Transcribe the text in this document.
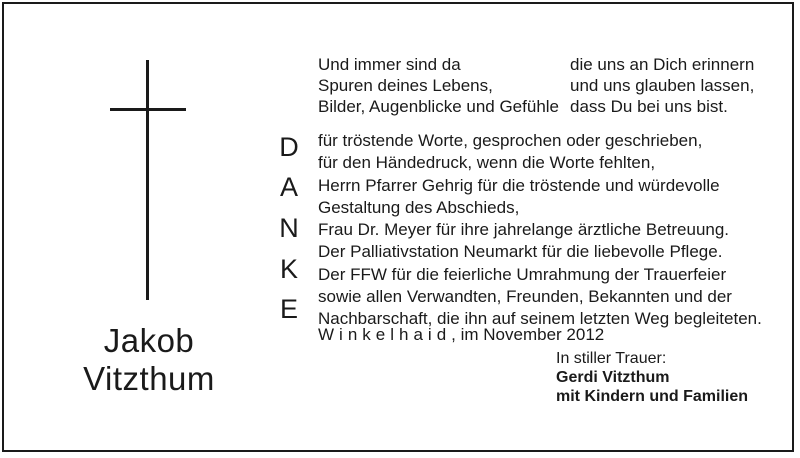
Jakob
Vitzthum
Und immer sind da
Spuren deines Lebens,
Bilder, Augenblicke und Gefühle
die uns an Dich erinnern
und uns glauben lassen,
dass Du bei uns bist.
D
A
N
K
E
für tröstende Worte, gesprochen oder geschrieben,
für den Händedruck, wenn die Worte fehlten,
Herrn Pfarrer Gehrig für die tröstende und würdevolle
Gestaltung des Abschieds,
Frau Dr. Meyer für ihre jahrelange ärztliche Betreuung.
Der Palliativstation Neumarkt für die liebevolle Pflege.
Der FFW für die feierliche Umrahmung der Trauerfeier
sowie allen Verwandten, Freunden, Bekannten und der
Nachbarschaft, die ihn auf seinem letzten Weg begleiteten.
Winkelhaid, im November 2012
In stiller Trauer:
Gerdi Vitzthum
mit Kindern und Familien
